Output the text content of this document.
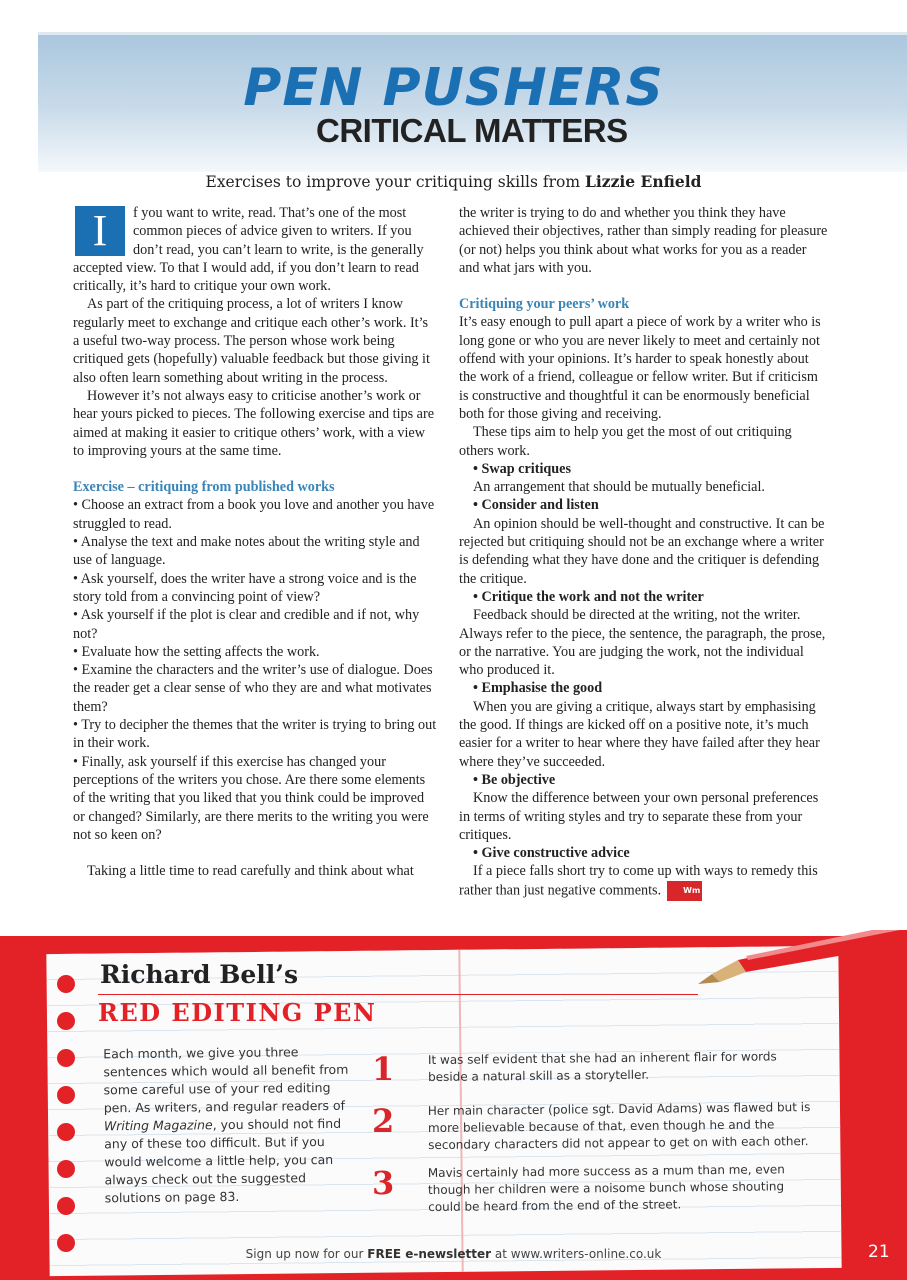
PEN PUSHERS
CRITICAL MATTERS
Exercises to improve your critiquing skills from Lizzie Enfield

I	f you want to write, read. That’s one of the most common pieces of advice given to writers. If you don’t read, you can’t learn to write, is the generally accepted view. To that I would add, if you don’t learn to read critically, it’s hard to critique your own work.

As part of the critiquing process, a lot of writers I know regularly meet to exchange and critique each other’s work. It’s a useful two-way process. The person whose work being critiqued gets (hopefully) valuable feedback but those giving it also often learn something about writing in the process.

However it’s not always easy to criticise another’s work or hear yours picked to pieces. The following exercise and tips are aimed at making it easier to critique others’ work, with a view to improving yours at the same time.

Exercise – critiquing from published works

• Choose an extract from a book you love and another you have struggled to read.

• Analyse the text and make notes about the writing style and use of language.

• Ask yourself, does the writer have a strong voice and is the story told from a convincing point of view?

• Ask yourself if the plot is clear and credible and if not, why not?

• Evaluate how the setting affects the work.

• Examine the characters and the writer’s use of dialogue. Does the reader get a clear sense of who they are and what motivates them?

• Try to decipher the themes that the writer is trying to bring out in their work.

• Finally, ask yourself if this exercise has changed your perceptions of the writers you chose. Are there some elements of the writing that you liked that you think could be improved or changed? Similarly, are there merits to the writing you were not so keen on?

Taking a little time to read carefully and think about what

the writer is trying to do and whether you think they have achieved their objectives, rather than simply reading for pleasure (or not) helps you think about what works for you as a reader and what jars with you.

Critiquing your peers’ work

It’s easy enough to pull apart a piece of work by a writer who is long gone or who you are never likely to meet and certainly not offend with your opinions. It’s harder to speak honestly about the work of a friend, colleague or fellow writer. But if criticism is constructive and thoughtful it can be enormously beneficial both for those giving and receiving.

These tips aim to help you get the most of out critiquing others work.

• Swap critiques

An arrangement that should be mutually beneficial.

• Consider and listen

An opinion should be well-thought and constructive. It can be rejected but critiquing should not be an exchange where a writer is defending what they have done and the critiquer is defending the critique.

• Critique the work and not the writer

Feedback should be directed at the writing, not the writer. Always refer to the piece, the sentence, the paragraph, the prose, or the narrative. You are judging the work, not the individual who produced it.

• Emphasise the good

When you are giving a critique, always start by emphasising the good. If things are kicked off on a positive note, it’s much easier for a writer to hear where they have failed after they hear where they’ve succeeded.

• Be objective

Know the difference between your own personal preferences in terms of writing styles and try to separate these from your critiques.

• Give constructive advice

If a piece falls short try to come up with ways to remedy this rather than just negative comments.	Wm

Richard Bell’s
RED EDITING PEN
Each month, we give you three sentences which would all benefit from some careful use of your red editing pen. As writers, and regular readers of Writing Magazine, you should not find any of these too difficult. But if you would welcome a little help, you can always check out the suggested solutions on page 83.
1	It was self evident that she had an inherent flair for words beside a natural skill as a storyteller.
2	Her main character (police sgt. David Adams) was flawed but is more believable because of that, even though he and the secondary characters did not appear to get on with each other.
3	Mavis certainly had more success as a mum than me, even though her children were a noisome bunch whose shouting could be heard from the end of the street.
Sign up now for our FREE e-newsletter at www.writers-online.co.uk	21
